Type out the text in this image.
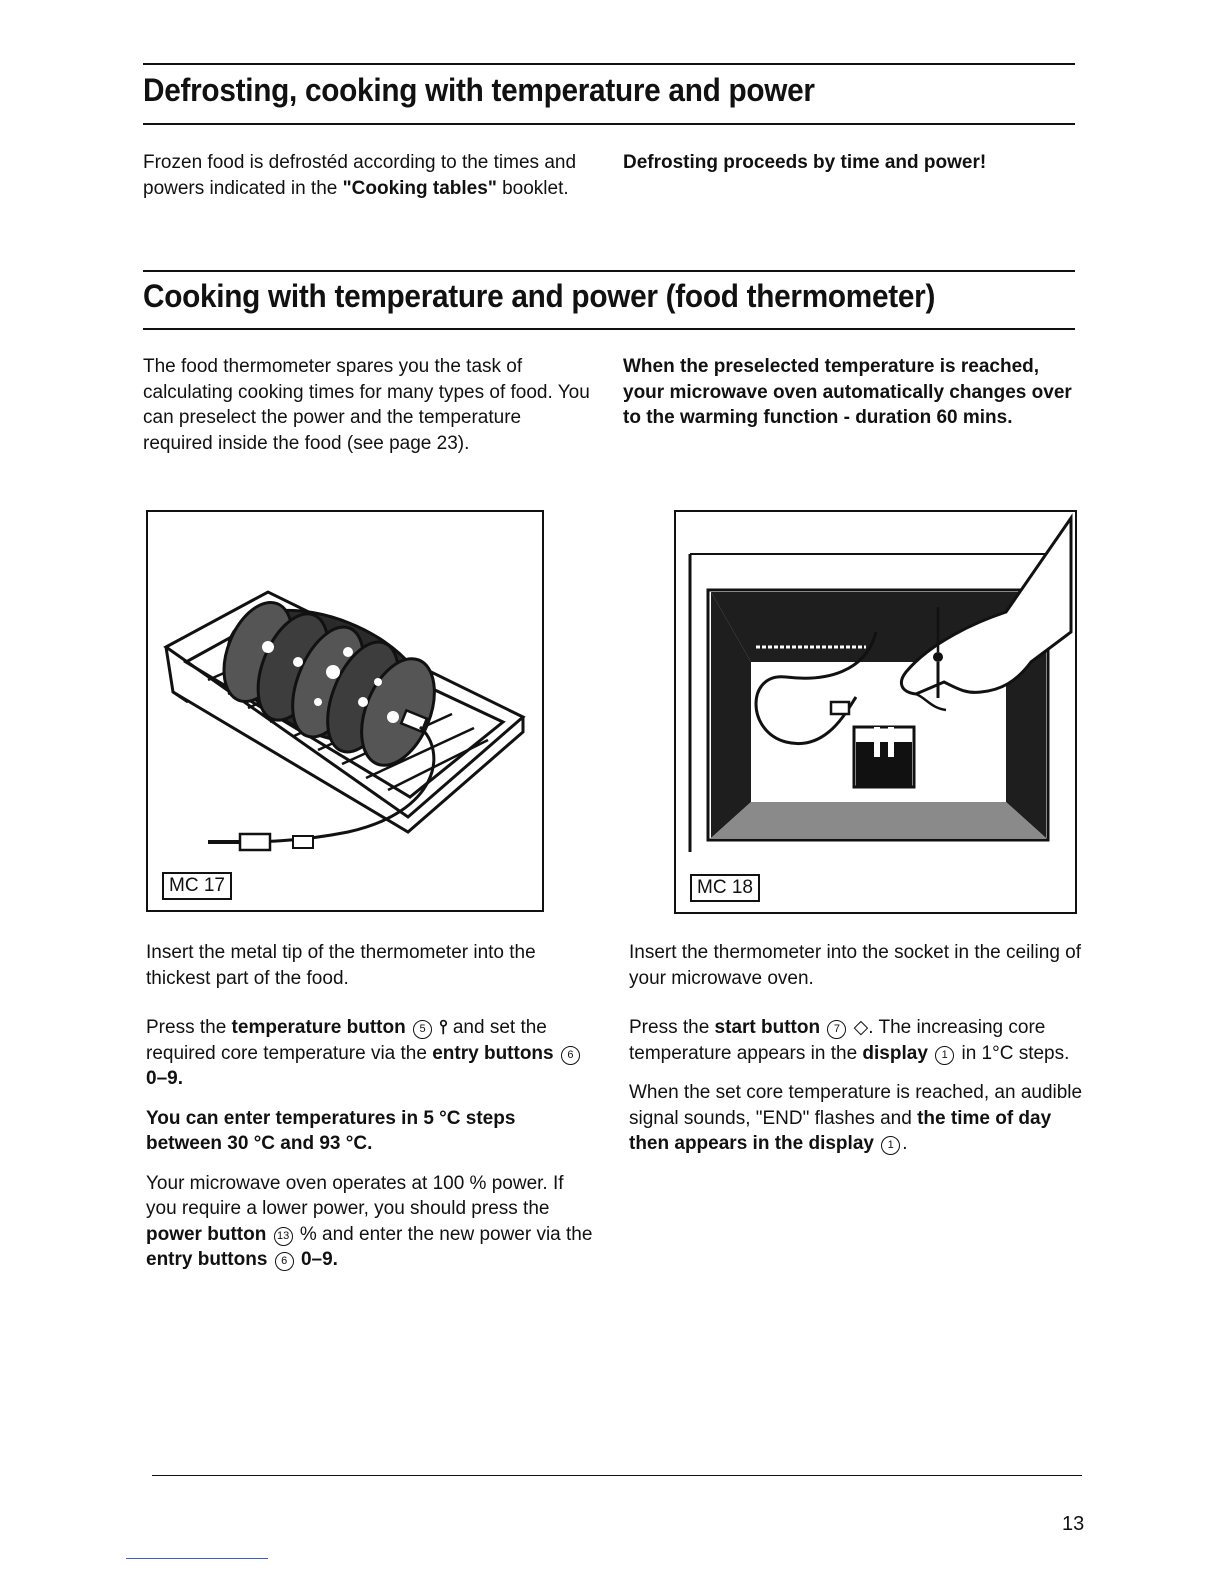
Defrosting, cooking with temperature and power
Frozen food is defrostéd according to the times and powers indicated in the "Cooking tables" booklet.
Defrosting proceeds by time and power!
Cooking with temperature and power (food thermometer)
The food thermometer spares you the task of calculating cooking times for many types of food. You can preselect the power and the temperature required inside the food (see page 23).
When the preselected temperature is reached, your microwave oven automatically changes over to the warming function - duration 60 mins.
MC 17	MC 18

Insert the metal tip of the thermometer into the thickest part of the food.

Press the temperature button 5 ⫯ and set the required core temperature via the entry buttons 6 0–9.

You can enter temperatures in 5 °C steps between 30 °C and 93 °C.

Your microwave oven operates at 100 % power. If you require a lower power, you should press the power button 13 % and enter the new power via the entry buttons 6 0–9.

Insert the thermometer into the socket in the ceiling of your microwave oven.

Press the start button 7 ◇. The increasing core temperature appears in the display 1 in 1°C steps.

When the set core temperature is reached, an audible signal sounds, "END" flashes and the time of day then appears in the display 1 .

13
